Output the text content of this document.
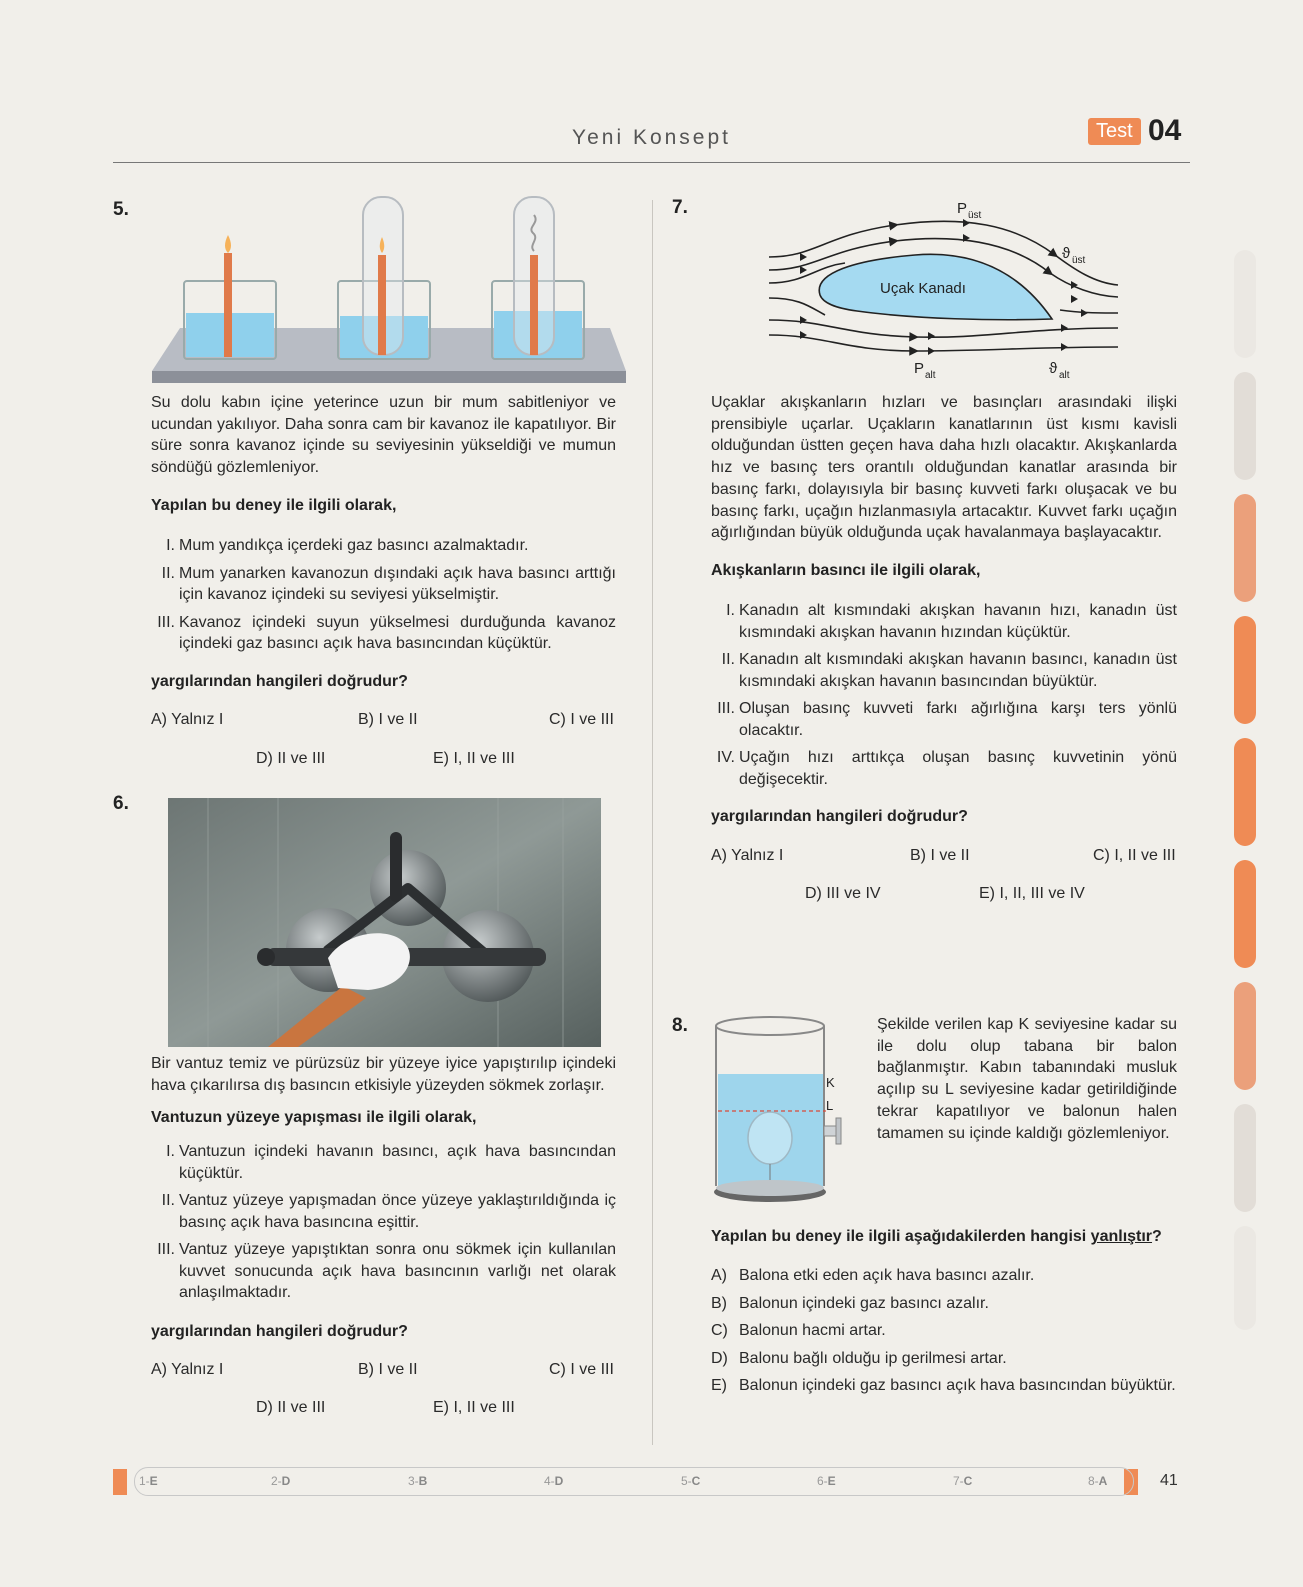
Yeni Konsept	Test 04
5.

Su dolu kabın içine yeterince uzun bir mum sabitleniyor ve ucundan yakılıyor. Daha sonra cam bir kavanoz ile kapatılıyor. Bir süre sonra kavanoz içinde su seviyesinin yükseldiği ve mumun söndüğü gözlemleniyor.

Yapılan bu deney ile ilgili olarak,
I. Mum yandıkça içerdeki gaz basıncı azalmaktadır.
II. Mum yanarken kavanozun dışındaki açık hava basıncı arttığı için kavanoz içindeki su seviyesi yükselmiştir.
III. Kavanoz içindeki suyun yükselmesi durduğunda kavanoz içindeki gaz basıncı açık hava basıncından küçüktür.
yargılarından hangileri doğrudur?
A) Yalnız I	B) I ve II	C) I ve III
D) II ve III	E) I, II ve III
6.

Bir vantuz temiz ve pürüzsüz bir yüzeye iyice yapıştırılıp içindeki hava çıkarılırsa dış basıncın etkisiyle yüzeyden sökmek zorlaşır.

Vantuzun yüzeye yapışması ile ilgili olarak,
I. Vantuzun içindeki havanın basıncı, açık hava basıncından küçüktür.
II. Vantuz yüzeye yapışmadan önce yüzeye yaklaştırıldığında iç basınç açık hava basıncına eşittir.
III. Vantuz yüzeye yapıştıktan sonra onu sökmek için kullanılan kuvvet sonucunda açık hava basıncının varlığı net olarak anlaşılmaktadır.
yargılarından hangileri doğrudur?
A) Yalnız I	B) I ve II	C) I ve III
D) II ve III	E) I, II ve III
7.
Uçak Kanadı
P üst
ϑ üst
P alt	ϑ alt

Uçaklar akışkanların hızları ve basınçları arasındaki ilişki prensibiyle uçarlar. Uçakların kanatlarının üst kısmı kavisli olduğundan üstten geçen hava daha hızlı olacaktır. Akışkanlarda hız ve basınç ters orantılı olduğundan kanatlar arasında bir basınç farkı, dolayısıyla bir basınç kuvveti farkı oluşacak ve bu basınç farkı, uçağın hızlanmasıyla artacaktır. Kuvvet farkı uçağın ağırlığından büyük olduğunda uçak havalanmaya başlayacaktır.

Akışkanların basıncı ile ilgili olarak,
I. Kanadın alt kısmındaki akışkan havanın hızı, kanadın üst kısmındaki akışkan havanın hızından küçüktür.
II. Kanadın alt kısmındaki akışkan havanın basıncı, kanadın üst kısmındaki akışkan havanın basıncından büyüktür.
III. Oluşan basınç kuvveti farkı ağırlığına karşı ters yönlü olacaktır.
IV. Uçağın hızı arttıkça oluşan basınç kuvvetinin yönü değişecektir.
yargılarından hangileri doğrudur?
A) Yalnız I	B) I ve II	C) I, II ve III
D) III ve IV	E) I, II, III ve IV
8.
K
L

Şekilde verilen kap K seviyesine kadar su ile dolu olup tabana bir balon bağlanmıştır. Kabın tabanındaki musluk açılıp su L seviyesine kadar getirildiğinde tekrar kapatılıyor ve balonun halen tamamen su içinde kaldığı gözlemleniyor.

Yapılan bu deney ile ilgili aşağıdakilerden hangisi yanlıştır?
A) Balona etki eden açık hava basıncı azalır.
B) Balonun içindeki gaz basıncı azalır.
C) Balonun hacmi artar.
D) Balonu bağlı olduğu ip gerilmesi artar.
E) Balonun içindeki gaz basıncı açık hava basıncından büyüktür.
1-E	2-D	3-B	4-D	5-C	6-E	7-C	8-A	41
